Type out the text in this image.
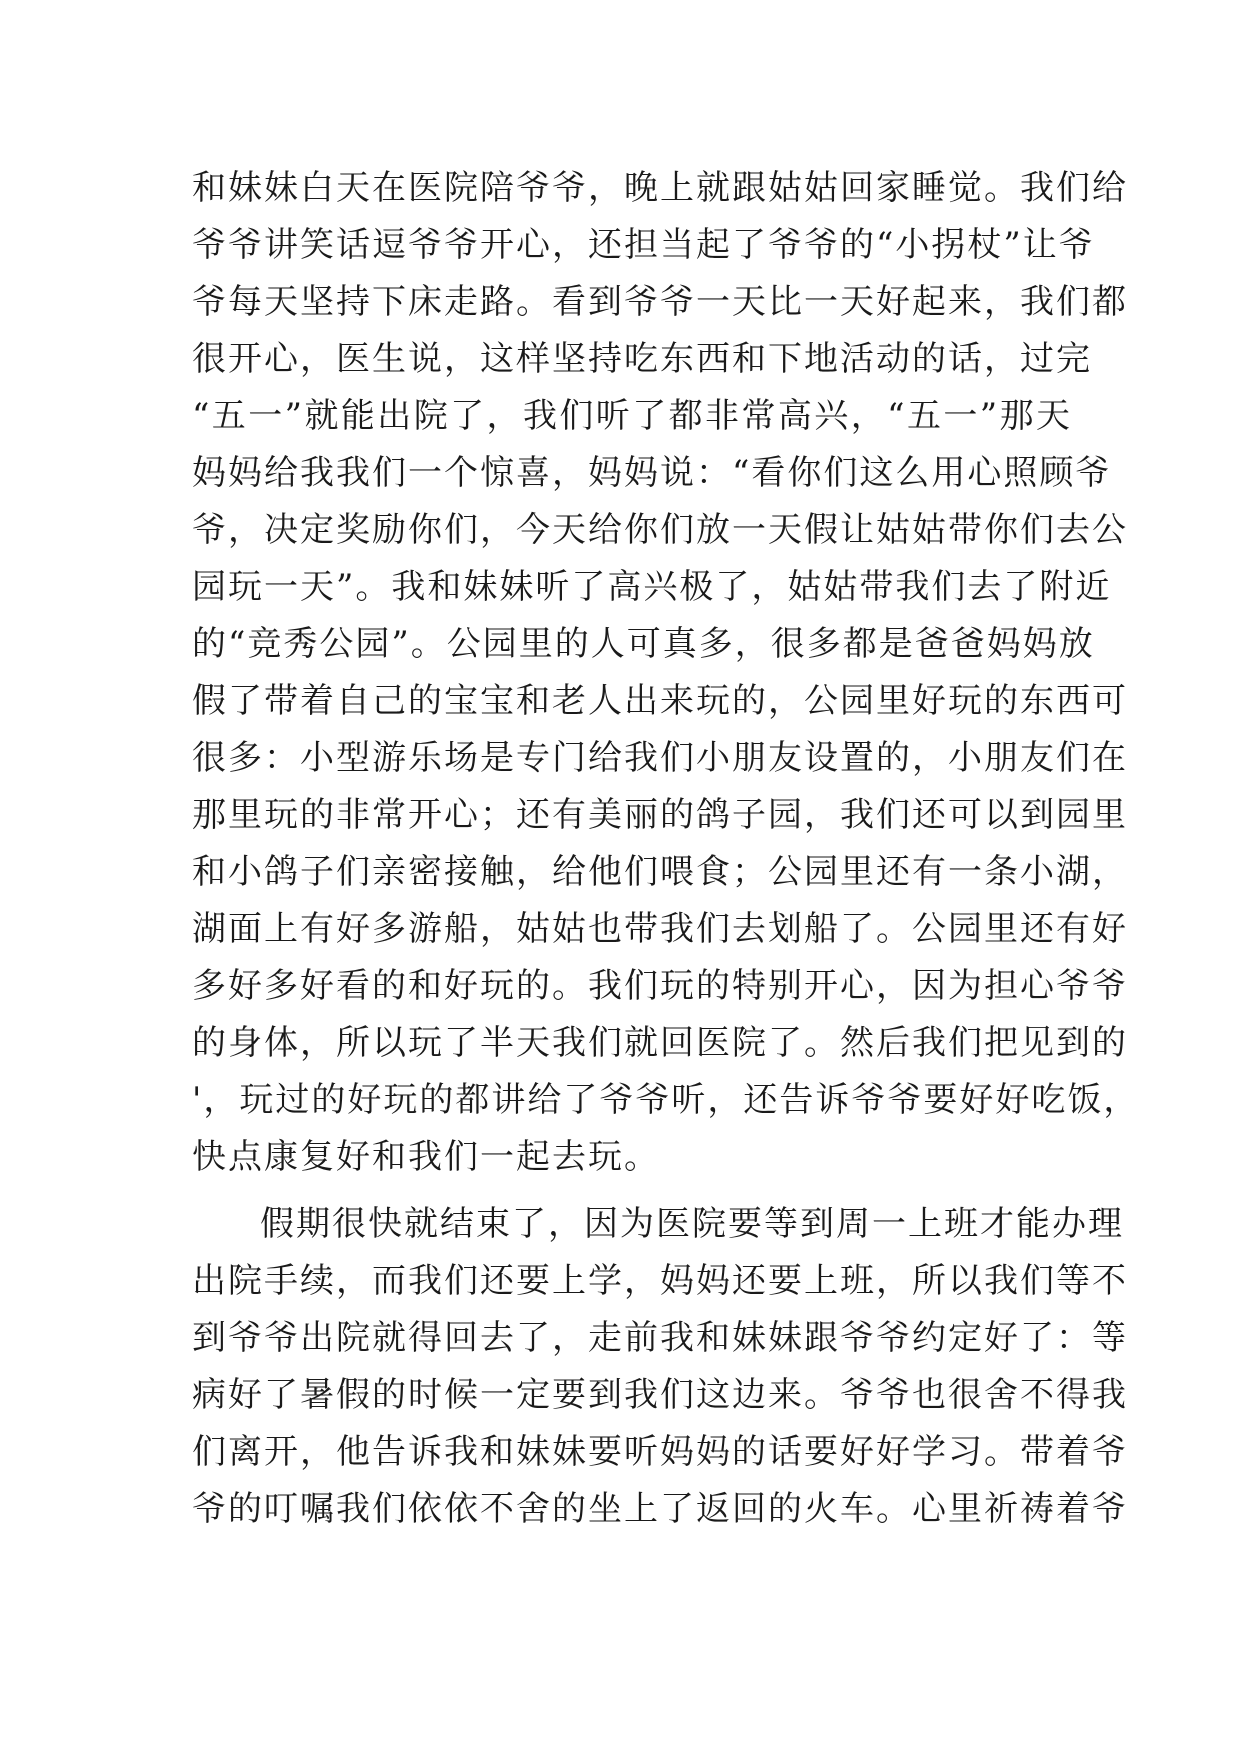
和妹妹白天在医院陪爷爷，晚上就跟姑姑回家睡觉。我们给
爷爷讲笑话逗爷爷开心，还担当起了爷爷的“小拐杖”让爷
爷每天坚持下床走路。看到爷爷一天比一天好起来，我们都
很开心，医生说，这样坚持吃东西和下地活动的话，过完
“五一”就能出院了，我们听了都非常高兴，“五一”那天
妈妈给我我们一个惊喜，妈妈说：“看你们这么用心照顾爷
爷，决定奖励你们，今天给你们放一天假让姑姑带你们去公
园玩一天”。我和妹妹听了高兴极了，姑姑带我们去了附近
的“竞秀公园”。公园里的人可真多，很多都是爸爸妈妈放
假了带着自己的宝宝和老人出来玩的，公园里好玩的东西可
很多：小型游乐场是专门给我们小朋友设置的，小朋友们在
那里玩的非常开心；还有美丽的鸽子园，我们还可以到园里
和小鸽子们亲密接触，给他们喂食；公园里还有一条小湖，
湖面上有好多游船，姑姑也带我们去划船了。公园里还有好
多好多好看的和好玩的。我们玩的特别开心，因为担心爷爷
的身体，所以玩了半天我们就回医院了。然后我们把见到的
'，玩过的好玩的都讲给了爷爷听，还告诉爷爷要好好吃饭，
快点康复好和我们一起去玩。
假期很快就结束了，因为医院要等到周一上班才能办理
出院手续，而我们还要上学，妈妈还要上班，所以我们等不
到爷爷出院就得回去了，走前我和妹妹跟爷爷约定好了：等
病好了暑假的时候一定要到我们这边来。爷爷也很舍不得我
们离开，他告诉我和妹妹要听妈妈的话要好好学习。带着爷
爷的叮嘱我们依依不舍的坐上了返回的火车。心里祈祷着爷
